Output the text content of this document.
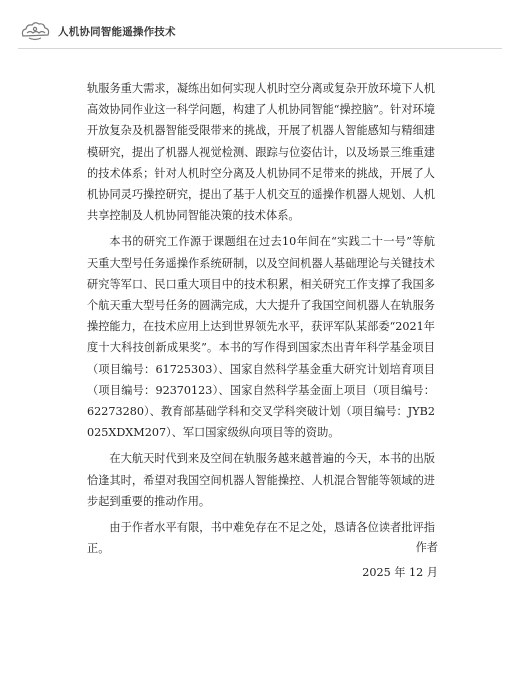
人机协同智能遥操作技术

轨服务重大需求，凝练出如何实现人机时空分离或复杂开放环境下人机高效协同作业这一科学问题，构建了人机协同智能“操控脑”。针对环境开放复杂及机器智能受限带来的挑战，开展了机器人智能感知与精细建模研究，提出了机器人视觉检测、跟踪与位姿估计，以及场景三维重建的技术体系；针对人机时空分离及人机协同不足带来的挑战，开展了人机协同灵巧操控研究，提出了基于人机交互的遥操作机器人规划、人机共享控制及人机协同智能决策的技术体系。

本书的研究工作源于课题组在过去10年间在“实践二十一号”等航天重大型号任务遥操作系统研制，以及空间机器人基础理论与关键技术研究等军口、民口重大项目中的技术积累，相关研究工作支撑了我国多个航天重大型号任务的圆满完成，大大提升了我国空间机器人在轨服务操控能力，在技术应用上达到世界领先水平，获评军队某部委“2021年度十大科技创新成果奖”。本书的写作得到国家杰出青年科学基金项目（项目编号：61725303）、国家自然科学基金重大研究计划培育项目（项目编号：92370123）、国家自然科学基金面上项目（项目编号：62273280）、教育部基础学科和交叉学科突破计划（项目编号：JYB2025XDXM207）、军口国家级纵向项目等的资助。

在大航天时代到来及空间在轨服务越来越普遍的今天，本书的出版恰逢其时，希望对我国空间机器人智能操控、人机混合智能等领域的进步起到重要的推动作用。

由于作者水平有限，书中难免存在不足之处，恳请各位读者批评指正。	作者
2025 年 12 月
